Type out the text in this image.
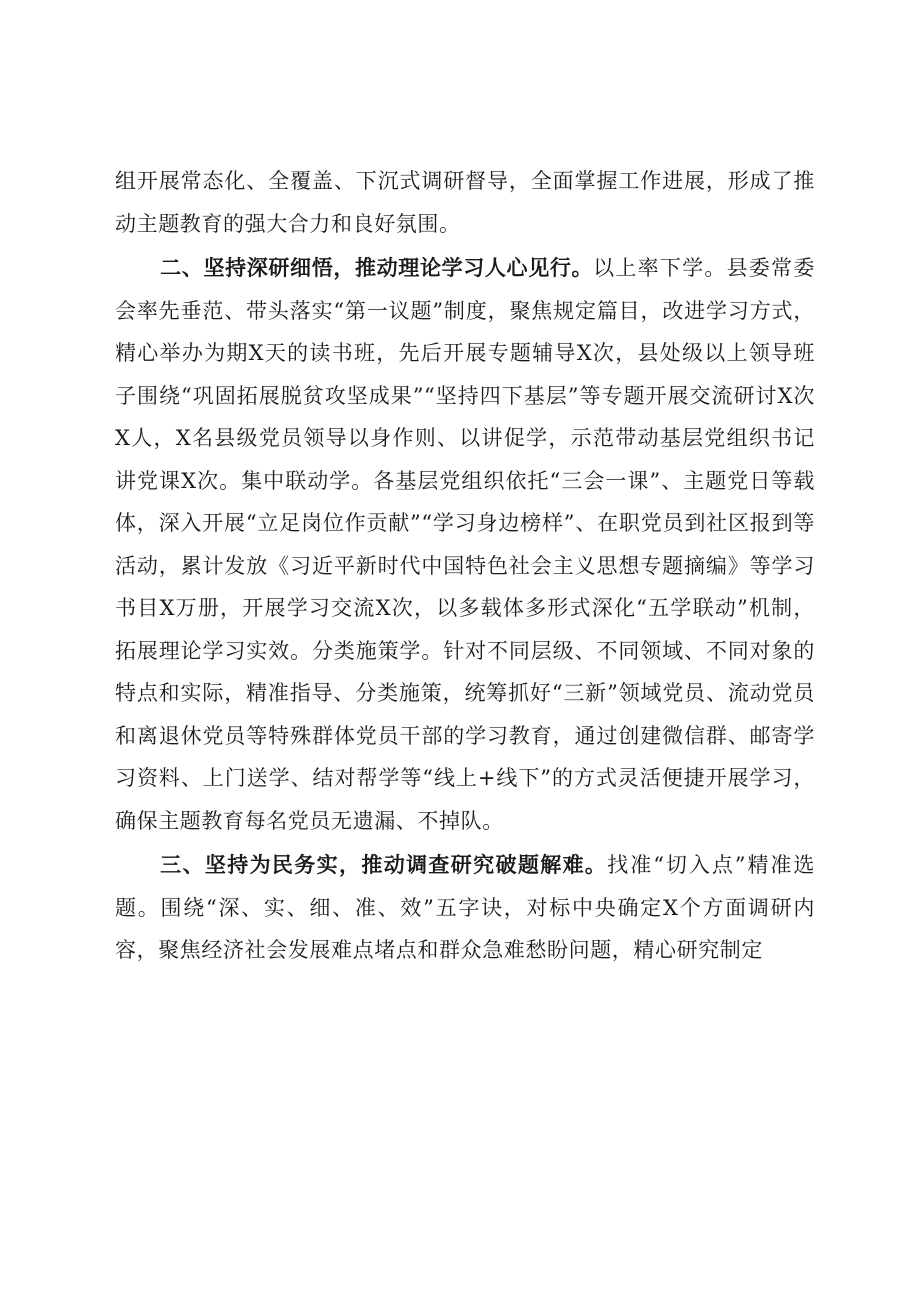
组开展常态化、全覆盖、下沉式调研督导，全面掌握工作进展，形成了推动主题教育的强大合力和良好氛围。

二、坚持深研细悟，推动理论学习人心见行。以上率下学。县委常委会率先垂范、带头落实“第一议题”制度，聚焦规定篇目，改进学习方式，精心举办为期X天的读书班，先后开展专题辅导X次，县处级以上领导班子围绕“巩固拓展脱贫攻坚成果”“坚持四下基层”等专题开展交流研讨X次X人，X名县级党员领导以身作则、以讲促学，示范带动基层党组织书记讲党课X次。集中联动学。各基层党组织依托“三会一课”、主题党日等载体，深入开展“立足岗位作贡献”“学习身边榜样”、在职党员到社区报到等活动，累计发放《习近平新时代中国特色社会主义思想专题摘编》等学习书目X万册，开展学习交流X次，以多载体多形式深化“五学联动”机制，拓展理论学习实效。分类施策学。针对不同层级、不同领域、不同对象的特点和实际，精准指导、分类施策，统筹抓好“三新”领域党员、流动党员和离退休党员等特殊群体党员干部的学习教育，通过创建微信群、邮寄学习资料、上门送学、结对帮学等“线上+线下”的方式灵活便捷开展学习，确保主题教育每名党员无遗漏、不掉队。

三、坚持为民务实，推动调查研究破题解难。找准“切入点”精准选题。围绕“深、实、细、准、效”五字诀，对标中央确定X个方面调研内容，聚焦经济社会发展难点堵点和群众急难愁盼问题，精心研究制定
